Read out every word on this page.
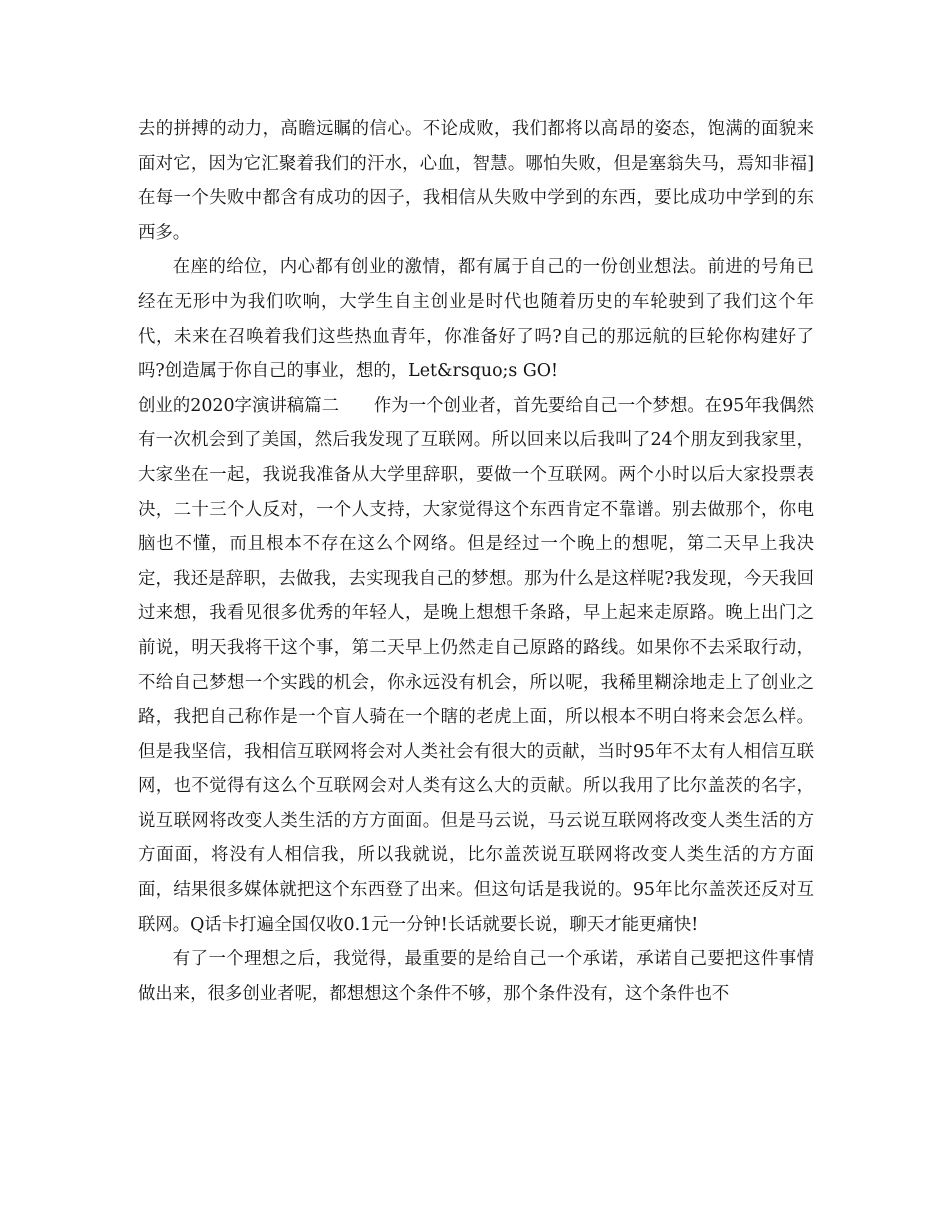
去的拼搏的动力，高瞻远瞩的信心。不论成败，我们都将以高昂的姿态，饱满的面貌来面对它，因为它汇聚着我们的汗水，心血，智慧。哪怕失败，但是塞翁失马，焉知非福]在每一个失败中都含有成功的因子，我相信从失败中学到的东西，要比成功中学到的东西多。

在座的给位，内心都有创业的激情，都有属于自己的一份创业想法。前进的号角已经在无形中为我们吹响，大学生自主创业是时代也随着历史的车轮驶到了我们这个年代，未来在召唤着我们这些热血青年，你准备好了吗?自己的那远航的巨轮你构建好了吗?创造属于你自己的事业，想的，Let&rsquo;s GO!

创业的2020字演讲稿篇二　　作为一个创业者，首先要给自己一个梦想。在95年我偶然有一次机会到了美国，然后我发现了互联网。所以回来以后我叫了24个朋友到我家里，大家坐在一起，我说我准备从大学里辞职，要做一个互联网。两个小时以后大家投票表决，二十三个人反对，一个人支持，大家觉得这个东西肯定不靠谱。别去做那个，你电脑也不懂，而且根本不存在这么个网络。但是经过一个晚上的想呢，第二天早上我决定，我还是辞职，去做我，去实现我自己的梦想。那为什么是这样呢?我发现，今天我回过来想，我看见很多优秀的年轻人，是晚上想想千条路，早上起来走原路。晚上出门之前说，明天我将干这个事，第二天早上仍然走自己原路的路线。如果你不去采取行动，不给自己梦想一个实践的机会，你永远没有机会，所以呢，我稀里糊涂地走上了创业之路，我把自己称作是一个盲人骑在一个瞎的老虎上面，所以根本不明白将来会怎么样。但是我坚信，我相信互联网将会对人类社会有很大的贡献，当时95年不太有人相信互联网，也不觉得有这么个互联网会对人类有这么大的贡献。所以我用了比尔盖茨的名字，说互联网将改变人类生活的方方面面。但是马云说，马云说互联网将改变人类生活的方方面面，将没有人相信我，所以我就说，比尔盖茨说互联网将改变人类生活的方方面面，结果很多媒体就把这个东西登了出来。但这句话是我说的。95年比尔盖茨还反对互联网。Q话卡打遍全国仅收0.1元一分钟!长话就要长说，聊天才能更痛快!

有了一个理想之后，我觉得，最重要的是给自己一个承诺，承诺自己要把这件事情做出来，很多创业者呢，都想想这个条件不够，那个条件没有，这个条件也不
